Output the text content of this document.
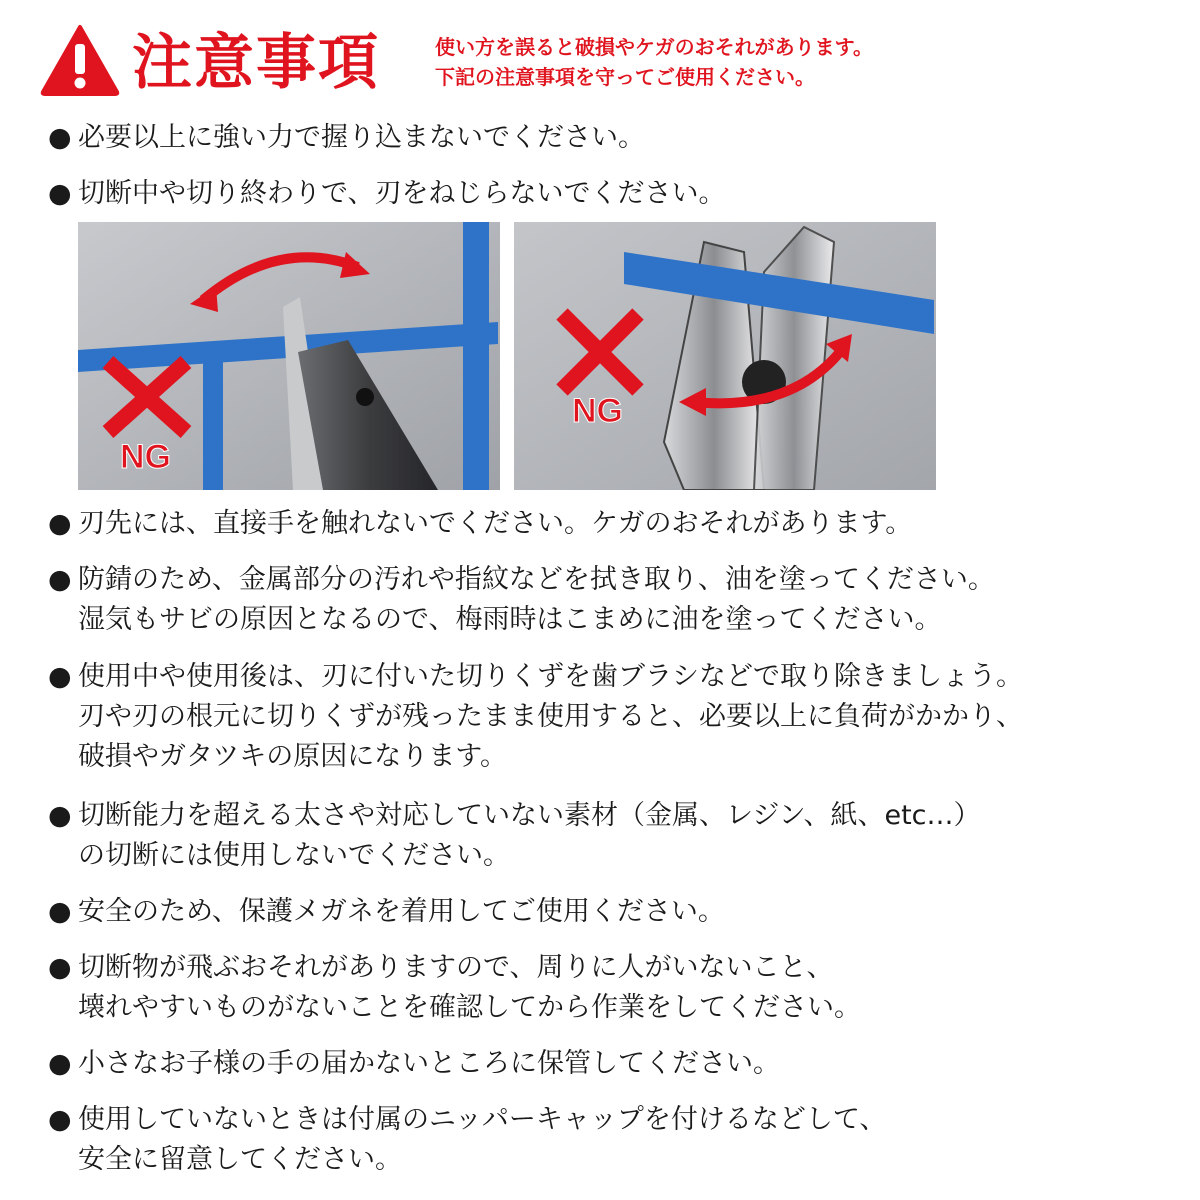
注意事項	使い方を誤ると破損やケガのおそれがあります。
下記の注意事項を守ってご使用ください。
● 必要以上に強い力で握り込まないでください。
● 切断中や切り終わりで、刃をねじらないでください。
NG
NG
● 刃先には、直接手を触れないでください。ケガのおそれがあります。
● 防錆のため、金属部分の汚れや指紋などを拭き取り、油を塗ってください。
湿気もサビの原因となるので、梅雨時はこまめに油を塗ってください。
● 使用中や使用後は、刃に付いた切りくずを歯ブラシなどで取り除きましょう。
刃や刃の根元に切りくずが残ったまま使用すると、必要以上に負荷がかかり、
破損やガタツキの原因になります。
● 切断能力を超える太さや対応していない素材（金属、レジン、紙、etc…）
の切断には使用しないでください。
● 安全のため、保護メガネを着用してご使用ください。
● 切断物が飛ぶおそれがありますので、周りに人がいないこと、
壊れやすいものがないことを確認してから作業をしてください。
● 小さなお子様の手の届かないところに保管してください。
● 使用していないときは付属のニッパーキャップを付けるなどして、
安全に留意してください。
